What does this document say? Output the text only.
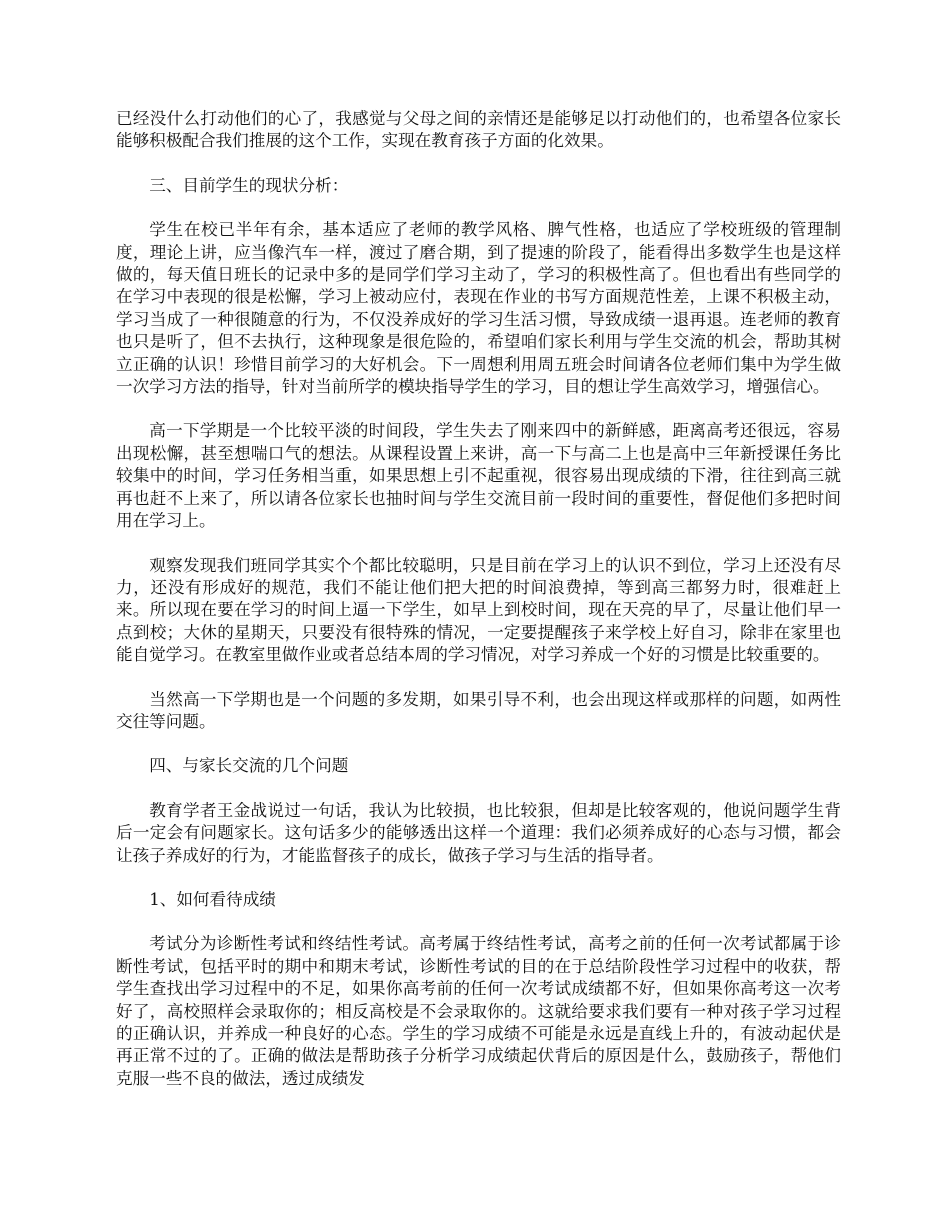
已经没什么打动他们的心了，我感觉与父母之间的亲情还是能够足以打动他们的，也希望各位家长能够积极配合我们推展的这个工作，实现在教育孩子方面的化效果。

三、目前学生的现状分析：

学生在校已半年有余，基本适应了老师的教学风格、脾气性格，也适应了学校班级的管理制度，理论上讲，应当像汽车一样，渡过了磨合期，到了提速的阶段了，能看得出多数学生也是这样做的，每天值日班长的记录中多的是同学们学习主动了，学习的积极性高了。但也看出有些同学的在学习中表现的很是松懈，学习上被动应付，表现在作业的书写方面规范性差，上课不积极主动，学习当成了一种很随意的行为，不仅没养成好的学习生活习惯，导致成绩一退再退。连老师的教育也只是听了，但不去执行，这种现象是很危险的，希望咱们家长利用与学生交流的机会，帮助其树立正确的认识！珍惜目前学习的大好机会。下一周想利用周五班会时间请各位老师们集中为学生做一次学习方法的指导，针对当前所学的模块指导学生的学习，目的想让学生高效学习，增强信心。

高一下学期是一个比较平淡的时间段，学生失去了刚来四中的新鲜感，距离高考还很远，容易出现松懈，甚至想喘口气的想法。从课程设置上来讲，高一下与高二上也是高中三年新授课任务比较集中的时间，学习任务相当重，如果思想上引不起重视，很容易出现成绩的下滑，往往到高三就再也赶不上来了，所以请各位家长也抽时间与学生交流目前一段时间的重要性，督促他们多把时间用在学习上。

观察发现我们班同学其实个个都比较聪明，只是目前在学习上的认识不到位，学习上还没有尽力，还没有形成好的规范，我们不能让他们把大把的时间浪费掉，等到高三都努力时，很难赶上来。所以现在要在学习的时间上逼一下学生，如早上到校时间，现在天亮的早了，尽量让他们早一点到校；大休的星期天，只要没有很特殊的情况，一定要提醒孩子来学校上好自习，除非在家里也能自觉学习。在教室里做作业或者总结本周的学习情况，对学习养成一个好的习惯是比较重要的。

当然高一下学期也是一个问题的多发期，如果引导不利，也会出现这样或那样的问题，如两性交往等问题。

四、与家长交流的几个问题

教育学者王金战说过一句话，我认为比较损，也比较狠，但却是比较客观的，他说问题学生背后一定会有问题家长。这句话多少的能够透出这样一个道理：我们必须养成好的心态与习惯，都会让孩子养成好的行为，才能监督孩子的成长，做孩子学习与生活的指导者。

1、如何看待成绩

考试分为诊断性考试和终结性考试。高考属于终结性考试，高考之前的任何一次考试都属于诊断性考试，包括平时的期中和期末考试，诊断性考试的目的在于总结阶段性学习过程中的收获，帮学生查找出学习过程中的不足，如果你高考前的任何一次考试成绩都不好，但如果你高考这一次考好了，高校照样会录取你的；相反高校是不会录取你的。这就给要求我们要有一种对孩子学习过程的正确认识，并养成一种良好的心态。学生的学习成绩不可能是永远是直线上升的，有波动起伏是再正常不过的了。正确的做法是帮助孩子分析学习成绩起伏背后的原因是什么，鼓励孩子，帮他们克服一些不良的做法，透过成绩发
